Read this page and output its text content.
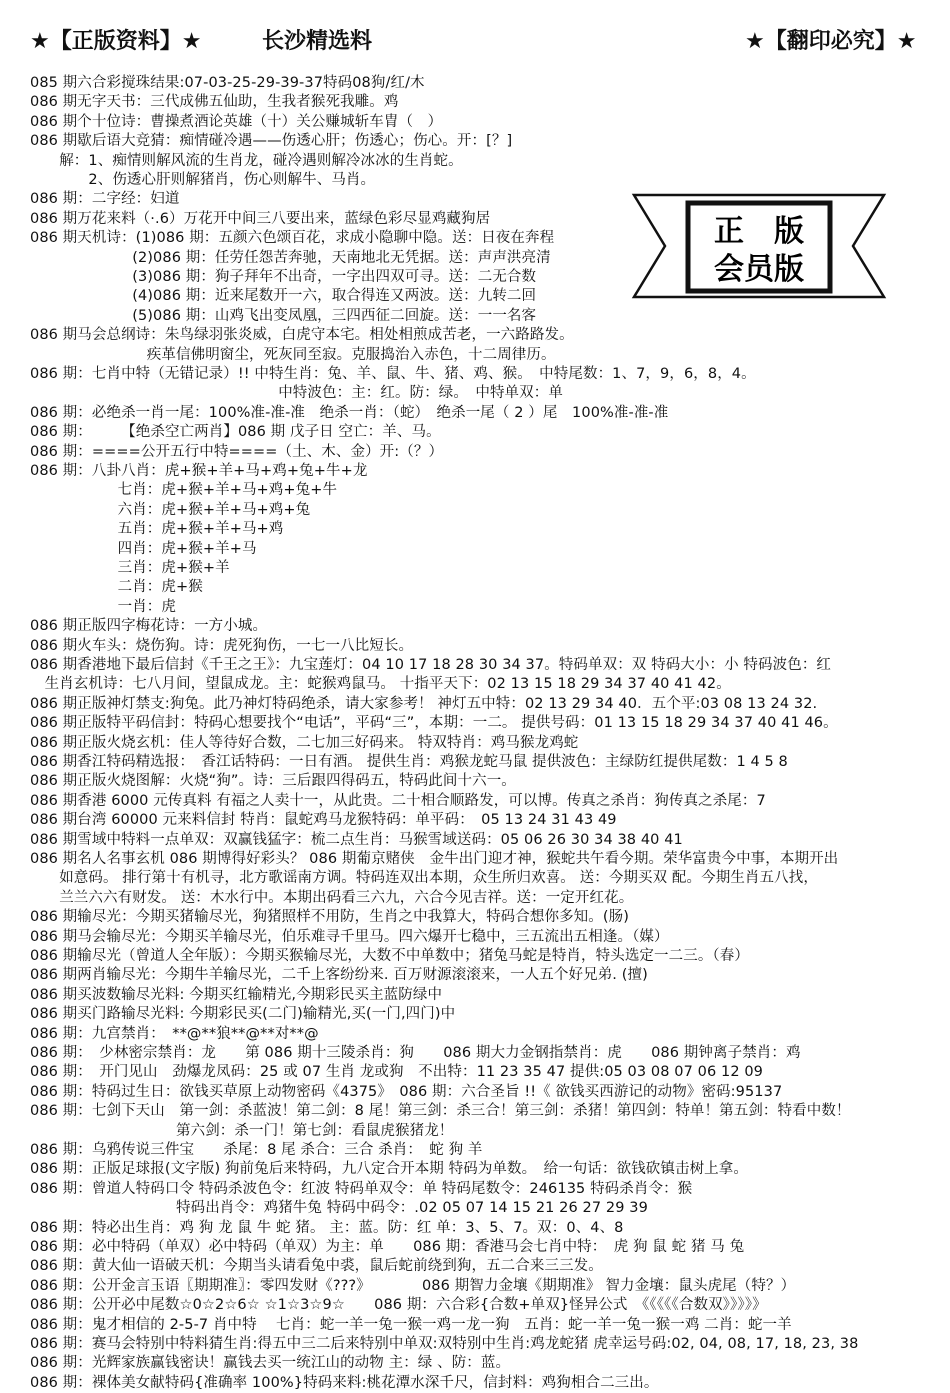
★【正版资料】★	长沙精选料	★【翻印必究】★
正　版
会员版
085 期六合彩搅珠结果:07-03-25-29-39-37特码08狗/红/木
086 期无字天书：三代成佛五仙助，生我者猴死我雕。鸡
086 期个十位诗：曹操煮酒论英雄（十）关公赚城斩车胄（　）
086 期歇后语大竞猜：痴情碰冷遇——伤透心肝；伤透心；伤心。开：[？]
　　解：1、痴情则解风流的生肖龙，碰冷遇则解冷冰冰的生肖蛇。
　　　　2、伤透心肝则解猪肖，伤心则解牛、马肖。
086 期：二字经：妇道
086 期万花来料（·.6）万花开中间三八要出来，蓝绿色彩尽显鸡藏狗居
086 期天机诗：(1)086 期：五颜六色颂百花，求成小隐聊中隐。送：日夜在奔程
　　　　　　　(2)086 期：任劳任怨苦奔驰，天南地北无凭据。送：声声洪亮清
　　　　　　　(3)086 期：狗子拜年不出奇，一字出四双可寻。送：二无合数
　　　　　　　(4)086 期：近来尾数开一六，取合得连又两波。送：九转二回
　　　　　　　(5)086 期：山鸡飞出变凤凰，三四西征二回旋。送：一一名客
086 期马会总纲诗：朱鸟绿羽张炎威，白虎守本宅。相处相煎成苦老，一六路路发。
　　　　　　　　疾革信佛明窗尘，死灰同至寂。克服捣治入赤色，十二周律历。
086 期：七肖中特（无错记录）!! 中特生肖：兔、羊、鼠、牛、猪、鸡、猴。　中特尾数：1、7，9，6，8，4。
　　　　　　　　　　　　　　　　　中特波色：主：红。防：绿。　中特单双：单
086 期：必绝杀一肖一尾：100%准-准-准　绝杀一肖：（蛇）　绝杀一尾（ 2 ）尾　100%准-准-准
086 期：　　　【绝杀空亡两肖】086 期 戊子日 空亡：羊、马。
086 期：====公开五行中特====（土、木、金）开:（？）
086 期：八卦八肖：虎+猴+羊+马+鸡+兔+牛+龙
　　　　　　七肖：虎+猴+羊+马+鸡+兔+牛
　　　　　　六肖：虎+猴+羊+马+鸡+兔
　　　　　　五肖：虎+猴+羊+马+鸡
　　　　　　四肖：虎+猴+羊+马
　　　　　　三肖：虎+猴+羊
　　　　　　二肖：虎+猴
　　　　　　一肖：虎
086 期正版四字梅花诗：一方小城。
086 期火车头：烧伤狗。诗：虎死狗伤，一七一八比短长。
086 期香港地下最后信封《千王之王》：九宝莲灯：04 10 17 18 28 30 34 37。特码单双：双 特码大小：小 特码波色：红
　生肖玄机诗：七八月间，望鼠成龙。主：蛇猴鸡鼠马。 十指平天下：02 13 15 18 29 34 37 40 41 42。
086 期正版神灯禁支:狗兔。此乃神灯特码绝杀，请大家参考！ 神灯五中特：02 13 29 34 40．五个平:03 08 13 24 32.
086 期正版特平码信封：特码心想要找个“电话”，平码“三”，本期：一二。 提供号码：01 13 15 18 29 34 37 40 41 46。
086 期正版火烧玄机：佳人等待好合数，二七加三好码来。 特双特肖：鸡马猴龙鸡蛇
086 期香江特码精选报：　香江话特码：一日有酒。 提供生肖：鸡猴龙蛇马鼠 提供波色：主绿防红提供尾数：1 4 5 8
086 期正版火烧图解：火烧“狗”。诗：三后跟四得码五，特码此间十六一。
086 期香港 6000 元传真料 有福之人卖十一，从此贵。二十相合顺路发，可以博。传真之杀肖：狗传真之杀尾：7
086 期台湾 60000 元来料信封 特肖：鼠蛇鸡马龙猴特码：单平码：　05 13 24 31 43 49
086 期雪域中特料一点单双：双赢钱猛字：梳二点生肖：马猴雪域送码：05 06 26 30 34 38 40 41
086 期名人名事玄机 086 期博得好彩头？ 086 期葡京赌侠　金牛出门迎才神，猴蛇共午看今期。荣华富贵今中事，本期开出
　　如意码。 排行第十有机寻，北方歌谣南方调。特码连双出本期，众生所归欢喜。 送：今期买双 配。今期生肖五八找，
　　兰兰六六有财发。 送：木水行中。本期出码看三六九，六合今见吉祥。送：一定开红花。
086 期输尽光：今期买猪输尽光，狗猪照样不用防，生肖之中我算大，特码合想你多知。(肠)
086 期马会输尽光：今期买羊输尽光，伯乐难寻千里马。四六爆开七稳中，三五流出五相逢。（媒）
086 期输尽光（曾道人全年版）：今期买猴输尽光，大数不中单数中；猪兔马蛇是特肖，特头选定一二三。（春）
086 期两肖输尽光：今期牛羊输尽光，二千上客纷纷来. 百万财源滚滚来，一人五个好兄弟. (擅)
086 期买波数输尽光料: 今期买红输精光,今期彩民买主蓝防绿中
086 期买门路输尽光料: 今期彩民买(二门)输精光,买(一门,四门)中
086 期：九宫禁肖：　**@**狼**@**对**@
086 期：　少林密宗禁肖：龙　　第 086 期十三陵杀肖：狗　　086 期大力金钢指禁肖：虎　　086 期钟离子禁肖：鸡
086 期：　开门见山　劲爆龙凤码：25 或 07 生肖 龙或狗　不出特：11 23 35 47 提供:05 03 08 07 06 12 09
086 期：特码过生日：欲钱买草原上动物密码《4375》　086 期：六合圣旨 !!《 欲钱买西游记的动物》密码:95137
086 期：七剑下天山　第一剑：杀蓝波！第二剑：8 尾！第三剑：杀三合！第三剑：杀猪！第四剑：特单！第五剑：特看中数！
　　　　　　　　　　第六剑：杀一门！第七剑：看鼠虎猴猪龙！
086 期：乌鸦传说三件宝　　杀尾：8 尾 杀合：三合 杀肖：　蛇 狗 羊
086 期：正版足球报(文字版) 狗前兔后来特码，九八定合开本期 特码为单数。　给一句话：欲钱砍镇击树上拿。
086 期：曾道人特码口令 特码杀波色令：红波 特码单双令：单 特码尾数令：246135 特码杀肖令：猴
　　　　　　　　　　特码出肖令：鸡猪牛兔 特码中码令：.02 05 07 14 15 21 26 27 29 39
086 期：特必出生肖：鸡 狗 龙 鼠 牛 蛇 猪。 主：蓝。防：红 单：3、5、7。双：0、4、8
086 期：必中特码（单双）必中特码（单双）为主：单　　086 期：香港马会七肖中特：　虎 狗 鼠 蛇 猪 马 兔
086 期：黄大仙一语破天机：今期当头请看兔中裘，鼠后蛇前绕到狗，五二合来三三发。
086 期：公开金言玉语〖期期准〗：零四发财《???》　　　　086 期智力金壤《期期准》 智力金壤：鼠头虎尾（特？）
086 期：公开必中尾数☆0☆2☆6☆ ☆1☆3☆9☆　　086 期：六合彩{合数+单双}怪异公式　《《《《《合数双》》》》》
086 期：鬼才相信的 2-5-7 肖中特　 七肖：蛇一羊一兔一猴一鸡一龙一狗　五肖：蛇一羊一兔一猴一鸡 二肖：蛇一羊
086 期：赛马会特别中特料猜生肖:得五中三二后来特别中单双:双特别中生肖:鸡龙蛇猪 虎幸运号码:02, 04, 08, 17, 18, 23, 38
086 期：光辉家族赢钱密诀！赢钱去买一统江山的动物 主：绿 、防：蓝。
086 期：裸体美女献特码{准确率 100%}特码来料:桃花潭水深千尺，信封料：鸡狗相合二三出。
